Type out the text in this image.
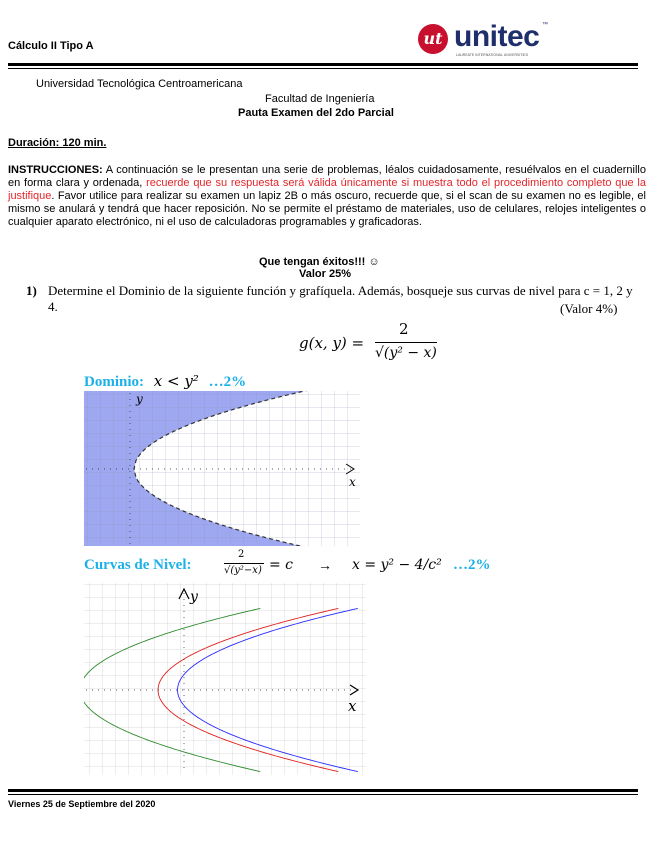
Cálculo II Tipo A	ut unitec
LAUREATE INTERNATIONAL UNIVERSITIES
™
Universidad Tecnológica Centroamericana
Facultad de Ingeniería
Pauta Examen del 2do Parcial
Duración: 120 min.
INSTRUCCIONES: A continuación se le presentan una serie de problemas, léalos cuidadosamente, resuélvalos en el cuadernillo en forma clara y ordenada, recuerde que su respuesta será válida únicamente si muestra todo el procedimiento completo que la justifique. Favor utilice para realizar su examen un lapiz 2B o más oscuro, recuerde que, si el scan de su examen no es legible, el mismo se anulará y tendrá que hacer reposición. No se permite el préstamo de materiales, uso de celulares, relojes inteligentes o cualquier aparato electrónico, ni el uso de calculadoras programables y graficadoras.
Que tengan éxitos!!! ☺
Valor 25%
1) Determine el Dominio de la siguiente función y grafíquela. Además, bosqueje sus curvas de nivel para c = 1, 2 y 4.	(Valor 4%)
g(x, y) =
2
√(y² − x)
Dominio: x < y² …2%
x
y
Curvas de Nivel:
2
√(y²−x) = c → x = y² − 4/c² …2%
x
y
Viernes 25 de Septiembre del 2020
